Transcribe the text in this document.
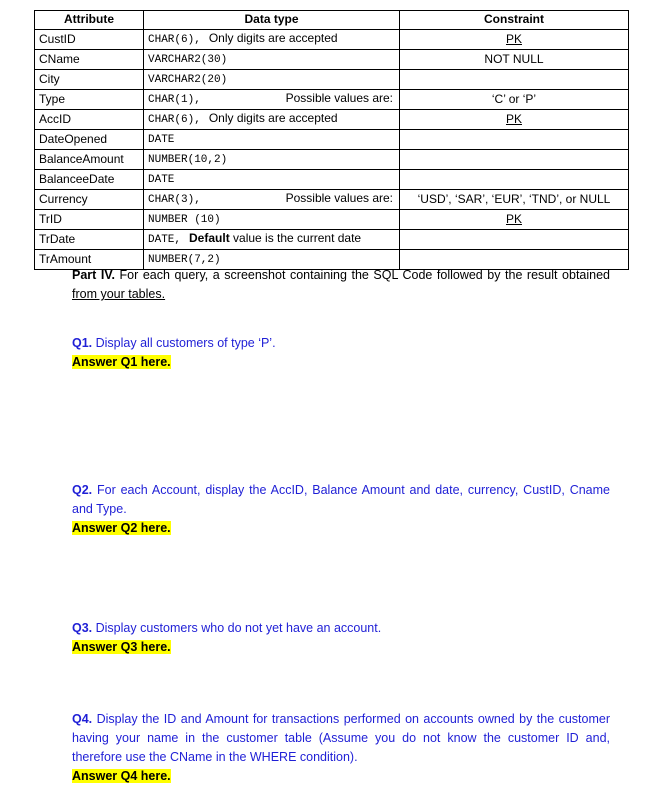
Attribute	Data type	Constraint
CustID	CHAR(6), Only digits are accepted	PK
CName	VARCHAR2(30)	NOT NULL
City	VARCHAR2(20)	
Type	CHAR(1), Possible values are:	‘C’ or ‘P’
AccID	CHAR(6), Only digits are accepted	PK
DateOpened	DATE	
BalanceAmount	NUMBER(10,2)	
BalanceeDate	DATE	
Currency	CHAR(3), Possible values are:	‘USD’, ‘SAR’, ‘EUR’, ‘TND’, or NULL
TrID	NUMBER (10)	PK
TrDate	DATE, Default value is the current date	
TrAmount	NUMBER(7,2)	
Part IV. For each query, a screenshot containing the SQL Code followed by the result obtained from your tables.
Q1. Display all customers of type ‘P’.
Answer Q1 here.
Q2. For each Account, display the AccID, Balance Amount and date, currency, CustID, Cname and Type.
Answer Q2 here.
Q3. Display customers who do not yet have an account.
Answer Q3 here.
Q4. Display the ID and Amount for transactions performed on accounts owned by the customer having your name in the customer table (Assume you do not know the customer ID and, therefore use the CName in the WHERE condition).
Answer Q4 here.
